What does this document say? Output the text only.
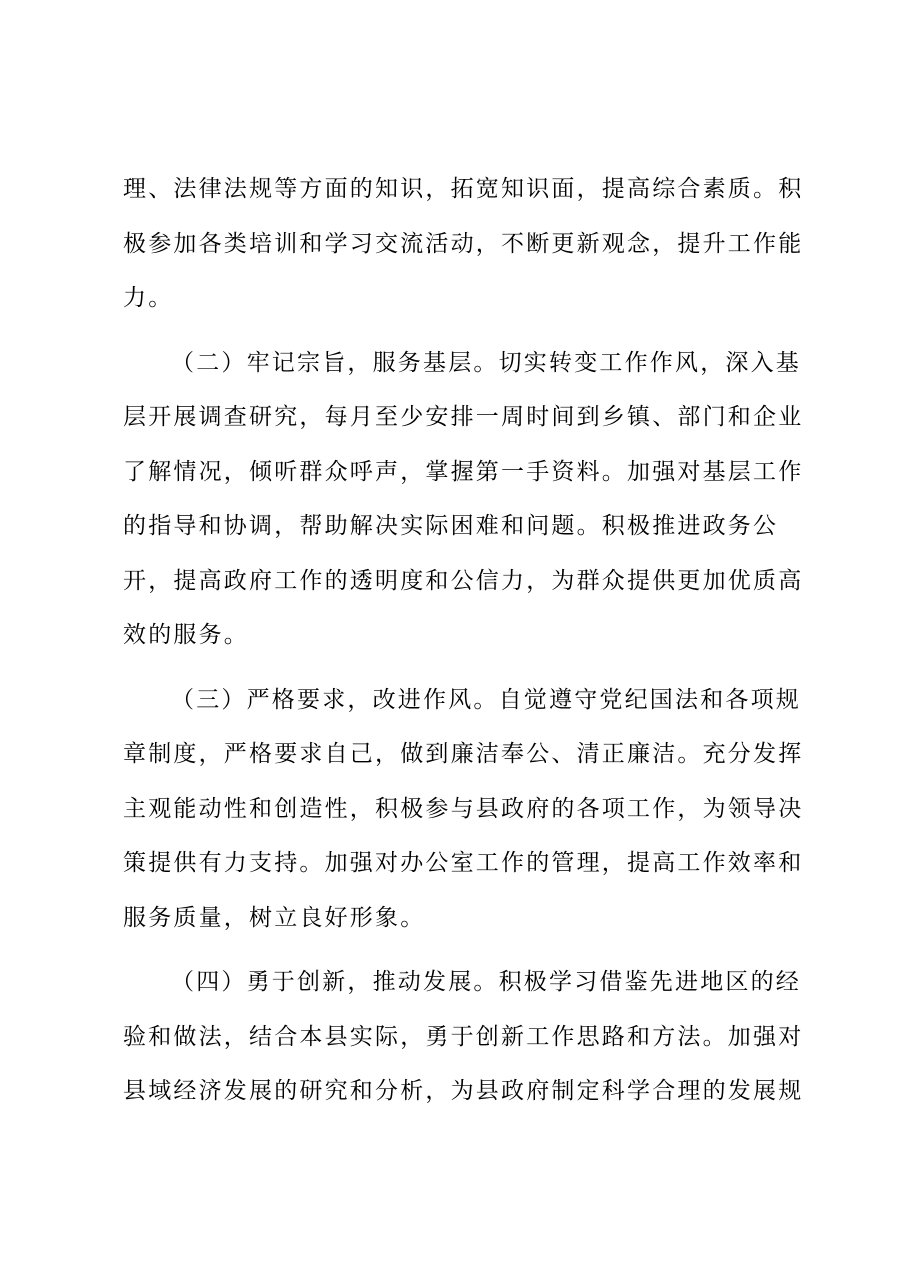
理、法律法规等方面的知识，拓宽知识面，提高综合素质。积
极参加各类培训和学习交流活动，不断更新观念，提升工作能
力。
（二）牢记宗旨，服务基层。切实转变工作作风，深入基
层开展调查研究，每月至少安排一周时间到乡镇、部门和企业
了解情况，倾听群众呼声，掌握第一手资料。加强对基层工作
的指导和协调，帮助解决实际困难和问题。积极推进政务公
开，提高政府工作的透明度和公信力，为群众提供更加优质高
效的服务。
（三）严格要求，改进作风。自觉遵守党纪国法和各项规
章制度，严格要求自己，做到廉洁奉公、清正廉洁。充分发挥
主观能动性和创造性，积极参与县政府的各项工作，为领导决
策提供有力支持。加强对办公室工作的管理，提高工作效率和
服务质量，树立良好形象。
（四）勇于创新，推动发展。积极学习借鉴先进地区的经
验和做法，结合本县实际，勇于创新工作思路和方法。加强对
县域经济发展的研究和分析，为县政府制定科学合理的发展规
